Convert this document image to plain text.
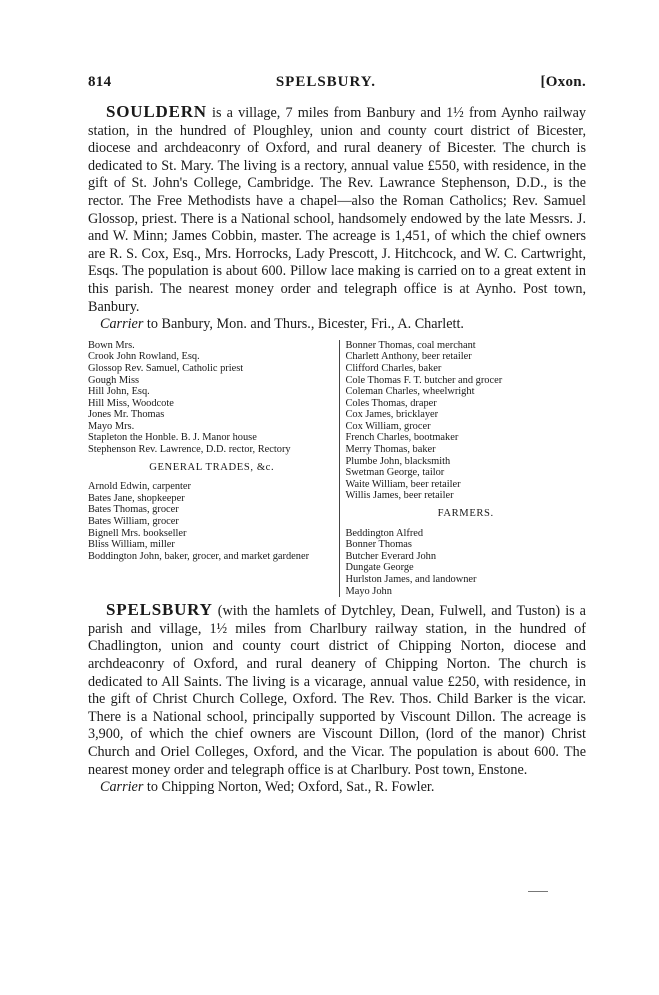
814	SPELSBURY.	[Oxon.

SOULDERN is a village, 7 miles from Banbury and 1½ from Aynho railway station, in the hundred of Ploughley, union and county court district of Bicester, diocese and archdeaconry of Oxford, and rural deanery of Bicester. The church is dedicated to St. Mary. The living is a rectory, annual value £550, with residence, in the gift of St. John's College, Cambridge. The Rev. Lawrance Stephenson, D.D., is the rector. The Free Methodists have a chapel—also the Roman Catholics; Rev. Samuel Glossop, priest. There is a National school, handsomely endowed by the late Messrs. J. and W. Minn; James Cobbin, master. The acreage is 1,451, of which the chief owners are R. S. Cox, Esq., Mrs. Horrocks, Lady Prescott, J. Hitchcock, and W. C. Cartwright, Esqs. The population is about 600. Pillow lace making is carried on to a great extent in this parish. The nearest money order and telegraph office is at Aynho. Post town, Banbury.

Carrier to Banbury, Mon. and Thurs., Bicester, Fri., A. Charlett.

Bown Mrs.

Crook John Rowland, Esq.

Glossop Rev. Samuel, Catholic priest

Gough Miss

Hill John, Esq.

Hill Miss, Woodcote

Jones Mr. Thomas

Mayo Mrs.

Stapleton the Honble. B. J. Manor house

Stephenson Rev. Lawrence, D.D. rector, Rectory

GENERAL TRADES, &c.

Arnold Edwin, carpenter

Bates Jane, shopkeeper

Bates Thomas, grocer

Bates William, grocer

Bignell Mrs. bookseller

Bliss William, miller

Boddington John, baker, grocer, and market gardener

Bonner Thomas, coal merchant

Charlett Anthony, beer retailer

Clifford Charles, baker

Cole Thomas F. T. butcher and grocer

Coleman Charles, wheelwright

Coles Thomas, draper

Cox James, bricklayer

Cox William, grocer

French Charles, bootmaker

Merry Thomas, baker

Plumbe John, blacksmith

Swetman George, tailor

Waite William, beer retailer

Willis James, beer retailer

FARMERS.

Beddington Alfred

Bonner Thomas

Butcher Everard John

Dungate George

Hurlston James, and landowner

Mayo John

SPELSBURY (with the hamlets of Dytchley, Dean, Fulwell, and Tuston) is a parish and village, 1½ miles from Charlbury railway station, in the hundred of Chadlington, union and county court district of Chipping Norton, diocese and archdeaconry of Oxford, and rural deanery of Chipping Norton. The church is dedicated to All Saints. The living is a vicarage, annual value £250, with residence, in the gift of Christ Church College, Oxford. The Rev. Thos. Child Barker is the vicar. There is a National school, principally supported by Viscount Dillon. The acreage is 3,900, of which the chief owners are Viscount Dillon, (lord of the manor) Christ Church and Oriel Colleges, Oxford, and the Vicar. The population is about 600. The nearest money order and telegraph office is at Charlbury. Post town, Enstone.

Carrier to Chipping Norton, Wed; Oxford, Sat., R. Fowler.
